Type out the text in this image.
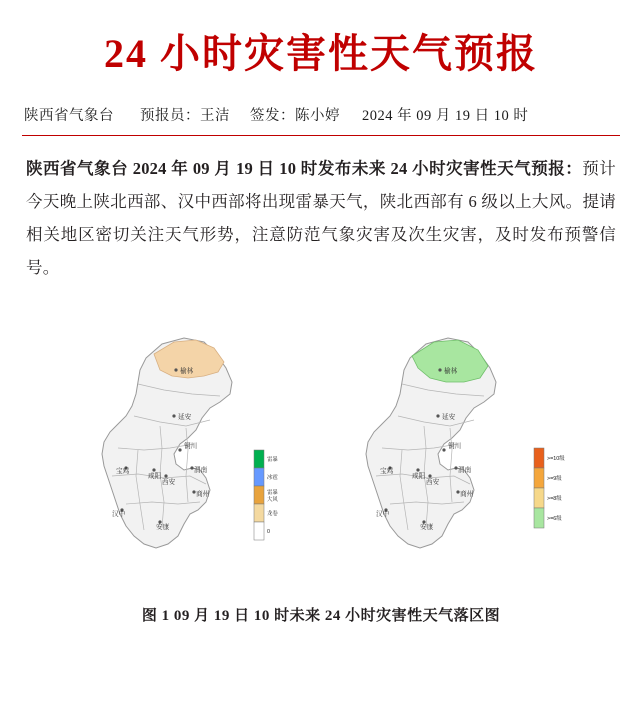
24 小时灾害性天气预报
陕西省气象台 预报员： 王洁 签发： 陈小婷 2024 年 09 月 19 日 10 时
陕西省气象台 2024 年 09 月 19 日 10 时发布未来 24 小时灾害性天气预报：预计今天晚上陕北西部、汉中西部将出现雷暴天气，陕北西部有 6 级以上大风。提请相关地区密切关注天气形势，注意防范气象灾害及次生灾害，及时发布预警信号。
榆林
延安
铜川
宝鸡
咸阳
西安
渭南
商州
汉中
安康
雷暴
冰雹
雷暴
大风
龙卷
0
榆林
延安
铜川
宝鸡
咸阳
西安
渭南
商州
汉中
安康
>=10级
>=9级
>=8级
>=6级
图 1 09 月 19 日 10 时未来 24 小时灾害性天气落区图
